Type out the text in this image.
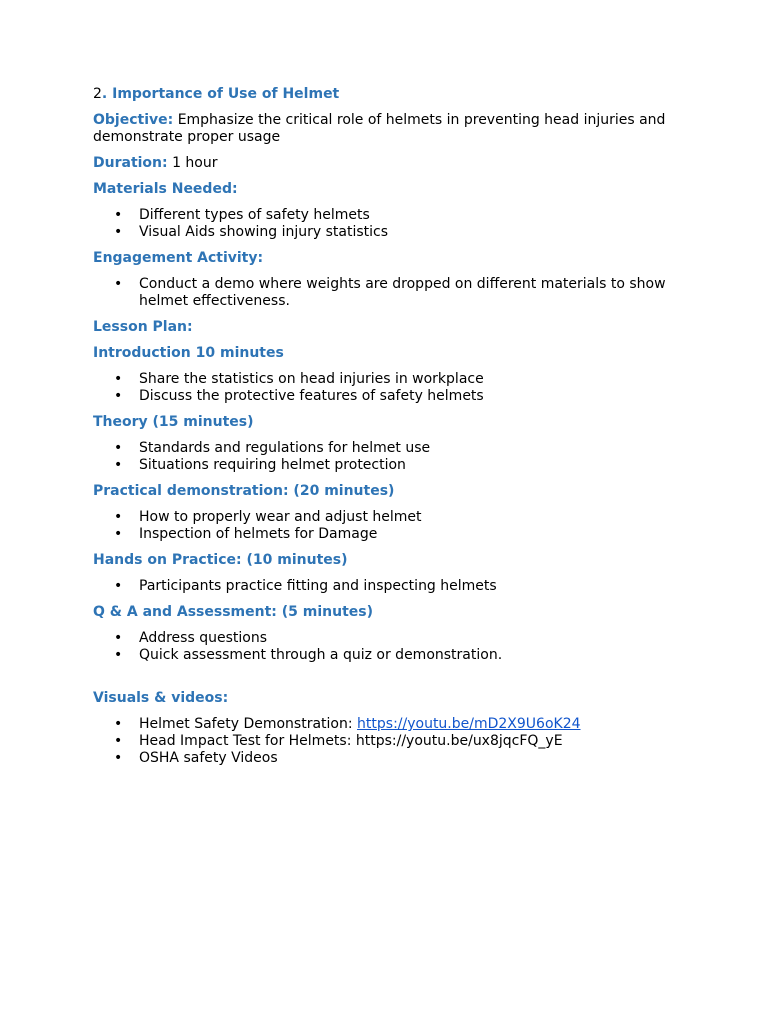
2. Importance of Use of Helmet
Objective: Emphasize the critical role of helmets in preventing head injuries and demonstrate proper usage
Duration: 1 hour
Materials Needed:
• Different types of safety helmets
• Visual Aids showing injury statistics
Engagement Activity:
• Conduct a demo where weights are dropped on different materials to show helmet effectiveness.
Lesson Plan:
Introduction 10 minutes
• Share the statistics on head injuries in workplace
• Discuss the protective features of safety helmets
Theory (15 minutes)
• Standards and regulations for helmet use
• Situations requiring helmet protection
Practical demonstration: (20 minutes)
• How to properly wear and adjust helmet
• Inspection of helmets for Damage
Hands on Practice: (10 minutes)
• Participants practice fitting and inspecting helmets
Q & A and Assessment: (5 minutes)
• Address questions
• Quick assessment through a quiz or demonstration.
Visuals & videos:
• Helmet Safety Demonstration: https://youtu.be/mD2X9U6oK24
• Head Impact Test for Helmets: https://youtu.be/ux8jqcFQ_yE
• OSHA safety Videos
